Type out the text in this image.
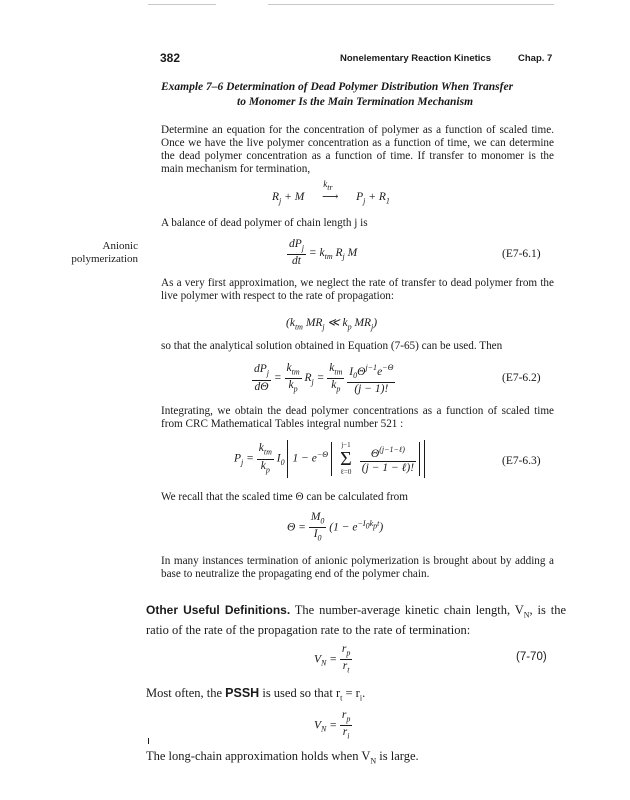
382	Nonelementary Reaction Kinetics	Chap. 7
Example 7–6 Determination of Dead Polymer Distribution When Transfer
to Monomer Is the Main Termination Mechanism
Determine an equation for the concentration of polymer as a function of scaled time. Once we have the live polymer concentration as a function of time, we can determine the dead polymer concentration as a function of time. If transfer to monomer is the main mechanism for termination,
$R_j + M$
$k_{tr}$
⟶ $P_j + R_1$
A balance of dead polymer of chain length j is
Anionic
polymerization	$\frac{dP_j}{dt} = k_{tm}$ $R_j$ M	(E7-6.1)
As a very first approximation, we neglect the rate of transfer to dead polymer from the live polymer with respect to the rate of propagation:
($k_{tm}$ $MR_j$ ≪ $k_p$ $MR_j$)
so that the analytical solution obtained in Equation (7-65) can be used. Then
$\frac{dP_j}{d\Theta} = \frac{k_{tm}}{k_p} R_j = \frac{k_{tm}}{k_p}$
$\frac{I_0\Theta^{j-1}e^{-\Theta}}{(j - 1)!}$	(E7-6.2)
Integrating, we obtain the dead polymer concentrations as a function of scaled time from CRC Mathematical Tables integral number 521 :
$P_j = \frac{k_{tm}}{k_p} I_0$ $1 - e^{-\Theta}$
j−1
Σ
ℓ=0
$\frac{\Theta^{(j-1-\ell)}}{\text{(j − 1 − ℓ)!}}$	(E7-6.3)
We recall that the scaled time Θ can be calculated from
$\Theta = \frac{M_0}{I_0} (1 - e^{-I_0k_pt})$
In many instances termination of anionic polymerization is brought about by adding a base to neutralize the propagating end of the polymer chain.
Other Useful Definitions. The number-average kinetic chain length, $V_N$, is the ratio of the rate of the propagation rate to the rate of termination:
$V_N = \frac{r_p}{r_t}$	(7-70)
Most often, the PSSH is used so that $r_t = r_i$.
$V_N = \frac{r_p}{r_i}$
The long-chain approximation holds when $V_N$ is large.
